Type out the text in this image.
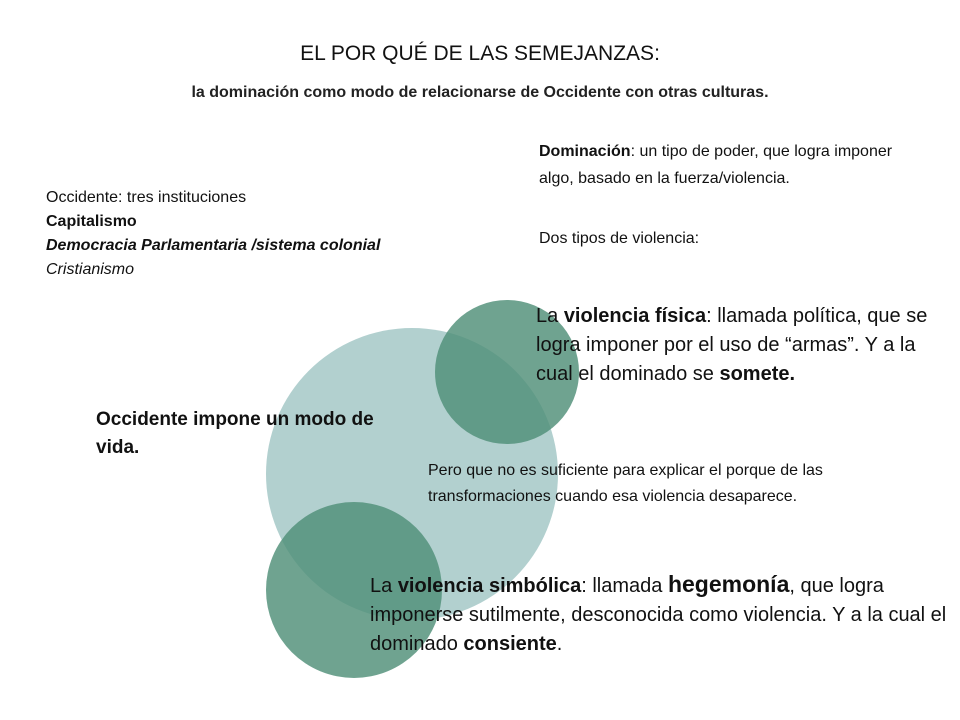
EL POR QUÉ DE LAS SEMEJANZAS:
la dominación como modo de relacionarse de Occidente con otras culturas.
Occidente: tres instituciones
Capitalismo
Democracia Parlamentaria /sistema colonial
Cristianismo
Dominación: un tipo de poder, que logra imponer algo, basado en la fuerza/violencia.
Dos tipos de violencia:
La violencia física: llamada política, que se logra imponer por el uso de “armas”. Y a la cual el dominado se somete.
Occidente impone un modo de vida.
Pero que no es suficiente para explicar el porque de las transformaciones cuando esa violencia desaparece.
La violencia simbólica: llamada hegemonía, que logra imponerse sutilmente, desconocida como violencia. Y a la cual el dominado consiente.
